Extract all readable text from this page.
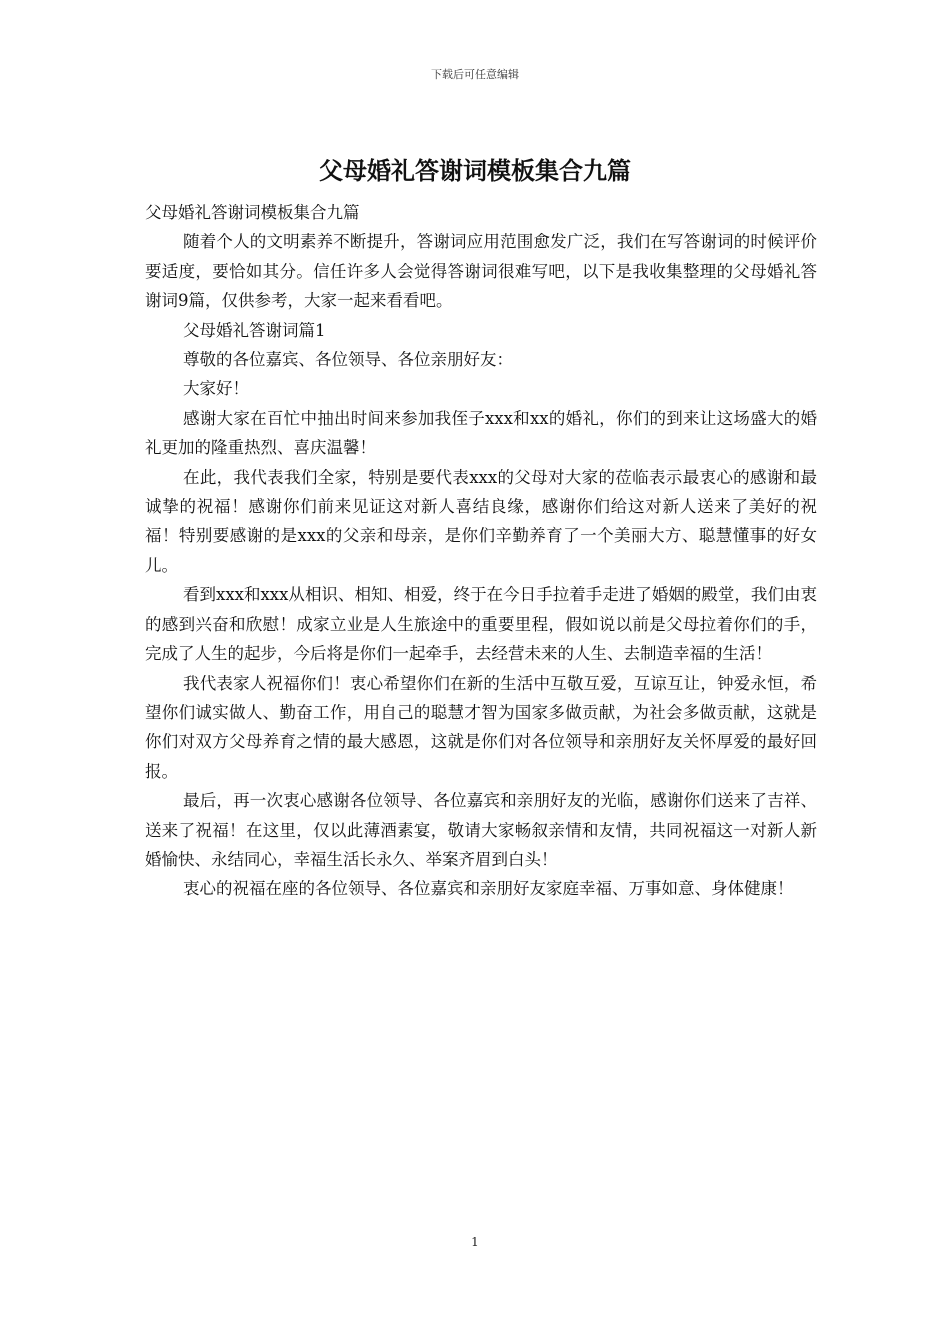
下载后可任意编辑
父母婚礼答谢词模板集合九篇

父母婚礼答谢词模板集合九篇

随着个人的文明素养不断提升，答谢词应用范围愈发广泛，我们在写答谢词的时候评价要适度，要恰如其分。信任许多人会觉得答谢词很难写吧，以下是我收集整理的父母婚礼答谢词9篇，仅供参考，大家一起来看看吧。

父母婚礼答谢词篇1

尊敬的各位嘉宾、各位领导、各位亲朋好友：

大家好！

感谢大家在百忙中抽出时间来参加我侄子xxx和xx的婚礼，你们的到来让这场盛大的婚礼更加的隆重热烈、喜庆温馨！

在此，我代表我们全家，特别是要代表xxx的父母对大家的莅临表示最衷心的感谢和最诚挚的祝福！感谢你们前来见证这对新人喜结良缘，感谢你们给这对新人送来了美好的祝福！特别要感谢的是xxx的父亲和母亲，是你们辛勤养育了一个美丽大方、聪慧懂事的好女儿。

看到xxx和xxx从相识、相知、相爱，终于在今日手拉着手走进了婚姻的殿堂，我们由衷的感到兴奋和欣慰！成家立业是人生旅途中的重要里程，假如说以前是父母拉着你们的手，完成了人生的起步，今后将是你们一起牵手，去经营未来的人生、去制造幸福的生活！

我代表家人祝福你们！衷心希望你们在新的生活中互敬互爱，互谅互让，钟爱永恒，希望你们诚实做人、勤奋工作，用自己的聪慧才智为国家多做贡献，为社会多做贡献，这就是你们对双方父母养育之情的最大感恩，这就是你们对各位领导和亲朋好友关怀厚爱的最好回报。

最后，再一次衷心感谢各位领导、各位嘉宾和亲朋好友的光临，感谢你们送来了吉祥、送来了祝福！在这里，仅以此薄酒素宴，敬请大家畅叙亲情和友情，共同祝福这一对新人新婚愉快、永结同心，幸福生活长永久、举案齐眉到白头！

衷心的祝福在座的各位领导、各位嘉宾和亲朋好友家庭幸福、万事如意、身体健康！

1
